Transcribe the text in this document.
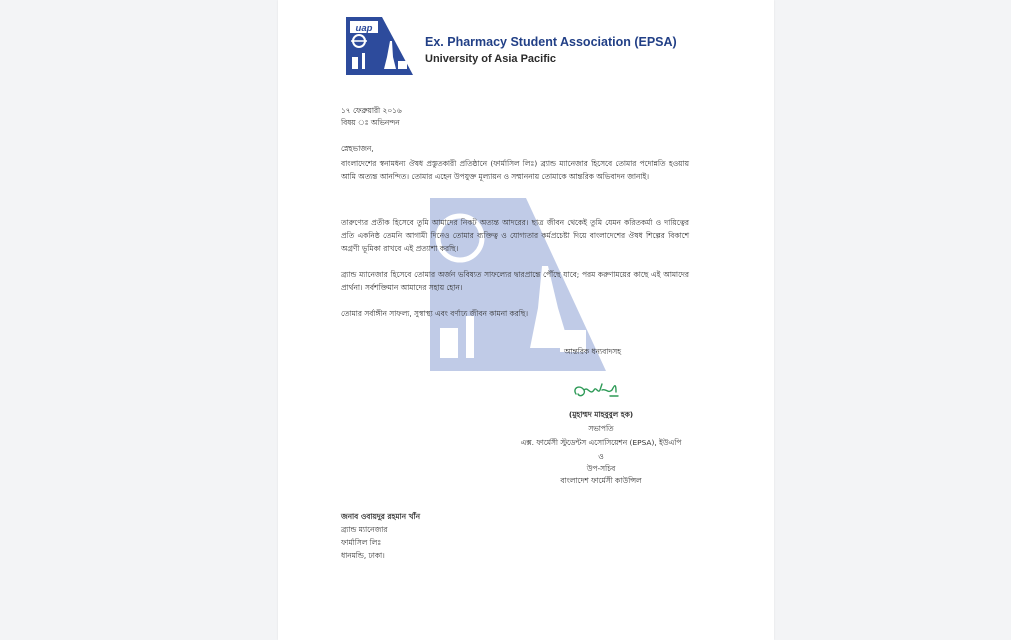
uap
Ex. Pharmacy Student Association (EPSA)
University of Asia Pacific
১৭ ফেব্রুয়ারী ২০১৬
বিষয় ঃ অভিনন্দন
স্নেহভাজন,
বাংলাদেশের স্বনামধন্য ঔষধ প্রস্তুতকারী প্রতিষ্ঠানে (ফার্মাসিল লিঃ) ব্র্যান্ড ম্যানেজার হিসেবে তোমার পদোন্নতি হওয়ায় আমি অত্যন্ত আনন্দিত। তোমার এহেন উপযুক্ত মূল্যায়ন ও সম্মাননায় তোমাকে আন্তরিক অভিবাদন জানাই।
তারুণ্যের প্রতীক হিসেবে তুমি আমাদের নিকট অত্যন্ত আদরের। ছাত্র জীবন থেকেই তুমি যেমন করিতকর্মা ও দায়িত্বের প্রতি একনিষ্ঠ তেমনি আগামী দিনেও তোমার ব্যক্তিত্ব ও যোগ্যতার কর্মপ্রচেষ্টা দিয়ে বাংলাদেশের ঔষধ শিল্পের বিকাশে অগ্রণী ভূমিকা রাখবে এই প্রত্যাশা করছি।
ব্র্যান্ড ম্যানেজার হিসেবে তোমার অর্জন ভবিষ্যত সাফল্যের দ্বারপ্রান্তে পৌঁছে যাবে; পরম করুণাময়ের কাছে এই আমাদের প্রার্থনা। সর্বশক্তিমান আমাদের সহায় হোন।
তোমার সর্বাঙ্গীন সাফল্য, সুস্বাস্থ্য এবং বর্ণাঢ্য জীবন কামনা করছি।
আন্তরিক ধন্যবাদসহ
(মুহাম্মদ মাহবুবুল হক)
সভাপতি
এক্স. ফার্মেসী স্টুডেন্টস এসোসিয়েশন (EPSA), ইউএপি
ও
উপ-সচিব
বাংলাদেশ ফার্মেসী কাউন্সিল
জনাব ওবায়দুর রহমান খাঁন
ব্র্যান্ড ম্যানেজার
ফার্মাসিল লিঃ
ধানমন্ডি, ঢাকা।
